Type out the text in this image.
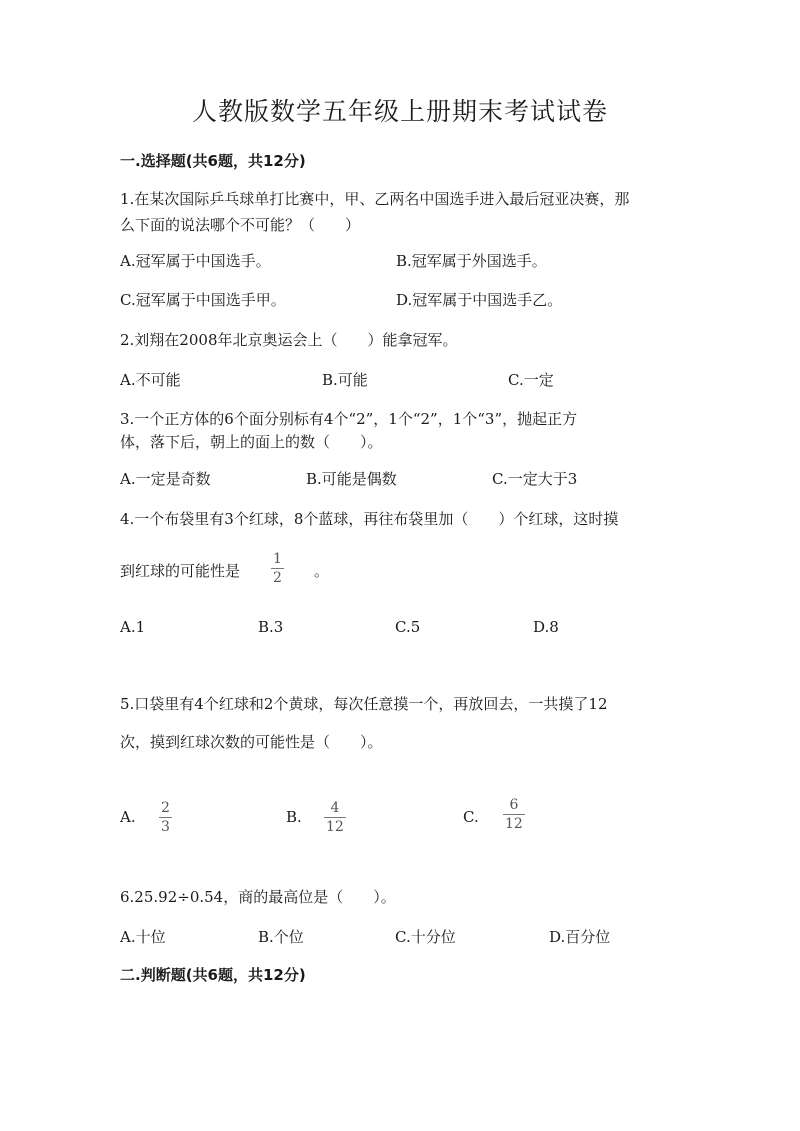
人教版数学五年级上册期末考试试卷
一.选择题(共6题，共12分)
1.在某次国际乒乓球单打比赛中，甲、乙两名中国选手进入最后冠亚决赛，那
么下面的说法哪个不可能？（　　）
A.冠军属于中国选手。	B.冠军属于外国选手。
C.冠军属于中国选手甲。	D.冠军属于中国选手乙。
2.刘翔在2008年北京奥运会上（　　）能拿冠军。
A.不可能	B.可能	C.一定
3.一个正方体的6个面分别标有4个“2”，1个“2”，1个“3”，抛起正方
体，落下后，朝上的面上的数（　　）。
A.一定是奇数	B.可能是偶数	C.一定大于3
4.一个布袋里有3个红球，8个蓝球，再往布袋里加（　　）个红球，这时摸
到红球的可能性是
1
2 。
A.1	B.3	C.5	D.8
5.口袋里有4个红球和2个黄球，每次任意摸一个，再放回去，一共摸了12
次，摸到红球次数的可能性是（　　）。
A. 2
3
B. 4
12
C.
6
12
6.25.92÷0.54，商的最高位是（　　）。
A.十位	B.个位	C.十分位	D.百分位
二.判断题(共6题，共12分)
